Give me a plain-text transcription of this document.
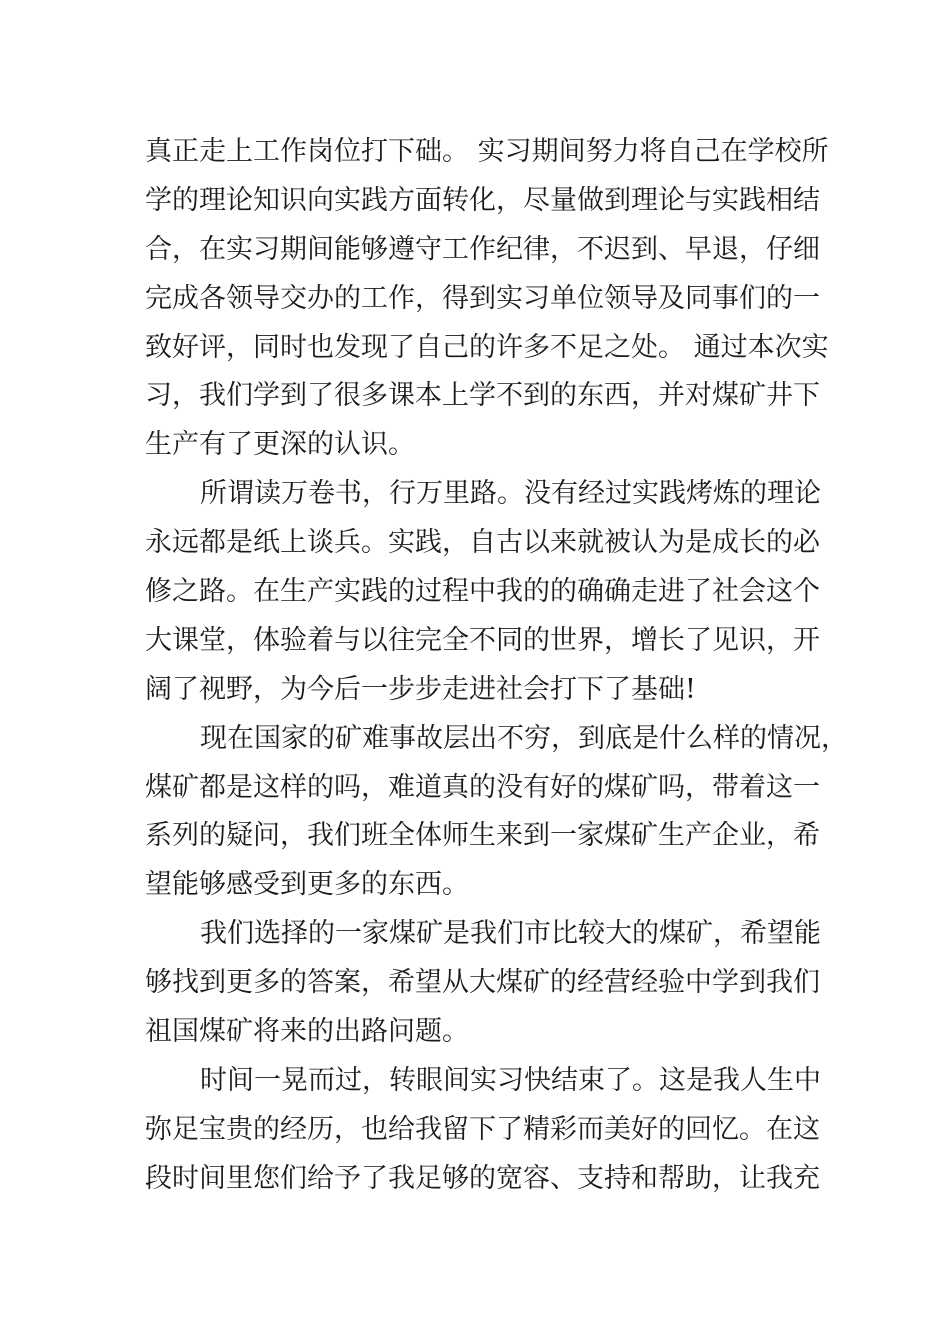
真正走上工作岗位打下础。 实习期间努力将自己在学校所
学的理论知识向实践方面转化，尽量做到理论与实践相结
合，在实习期间能够遵守工作纪律，不迟到、早退，仔细
完成各领导交办的工作，得到实习单位领导及同事们的一
致好评，同时也发现了自己的许多不足之处。 通过本次实
习，我们学到了很多课本上学不到的东西，并对煤矿井下
生产有了更深的认识。
所谓读万卷书，行万里路。没有经过实践烤炼的理论
永远都是纸上谈兵。实践，自古以来就被认为是成长的必
修之路。在生产实践的过程中我的的确确走进了社会这个
大课堂，体验着与以往完全不同的世界，增长了见识，开
阔了视野，为今后一步步走进社会打下了基础!
现在国家的矿难事故层出不穷，到底是什么样的情况，
煤矿都是这样的吗，难道真的没有好的煤矿吗，带着这一
系列的疑问，我们班全体师生来到一家煤矿生产企业，希
望能够感受到更多的东西。
我们选择的一家煤矿是我们市比较大的煤矿，希望能
够找到更多的答案，希望从大煤矿的经营经验中学到我们
祖国煤矿将来的出路问题。
时间一晃而过，转眼间实习快结束了。这是我人生中
弥足宝贵的经历，也给我留下了精彩而美好的回忆。在这
段时间里您们给予了我足够的宽容、支持和帮助，让我充
